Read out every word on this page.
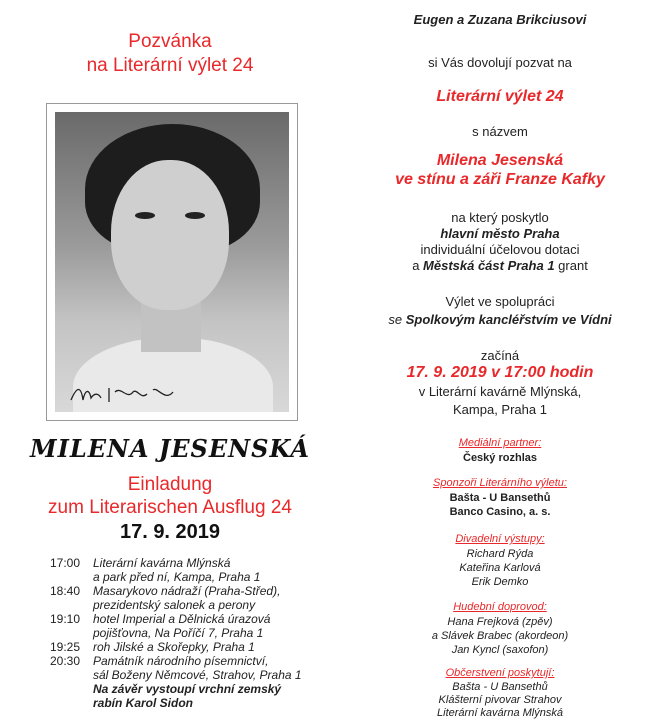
Pozvánka
na Literární výlet 24
MILENA JESENSKÁ
Einladung
zum Literarischen Ausflug 24
17. 9. 2019
17:00 Literární kavárna Mlýnská
a park před ní, Kampa, Praha 1
18:40 Masarykovo nádraží (Praha-Střed),
prezidentský salonek a perony
19:10 hotel Imperial a Dělnická úrazová
pojišťovna, Na Poříčí 7, Praha 1
19:25 roh Jilské a Skořepky, Praha 1
20:30 Památník národního písemnictví,
sál Boženy Němcové, Strahov, Praha 1
Na závěr vystoupí vrchní zemský
rabín Karol Sidon
Eugen a Zuzana Brikciusovi
si Vás dovolují pozvat na
Literární výlet 24
s názvem
Milena Jesenská
ve stínu a záři Franze Kafky
na který poskytlo
hlavní město Praha
individuální účelovou dotaci
a Městská část Praha 1 grant
Výlet ve spolupráci
se Spolkovým kancléřstvím ve Vídni
začíná
17. 9. 2019 v 17:00 hodin
v Literární kavárně Mlýnská,
Kampa, Praha 1
Mediální partner:
Český rozhlas
Sponzoři Literárního výletu:
Bašta - U Bansethů
Banco Casino, a. s.
Divadelní výstupy:
Richard Rýda
Kateřina Karlová
Erik Demko
Hudební doprovod:
Hana Frejková (zpěv)
a Slávek Brabec (akordeon)
Jan Kyncl (saxofon)
Občerstvení poskytují:
Bašta - U Bansethů
Klášterní pivovar Strahov
Literární kavárna Mlýnská
